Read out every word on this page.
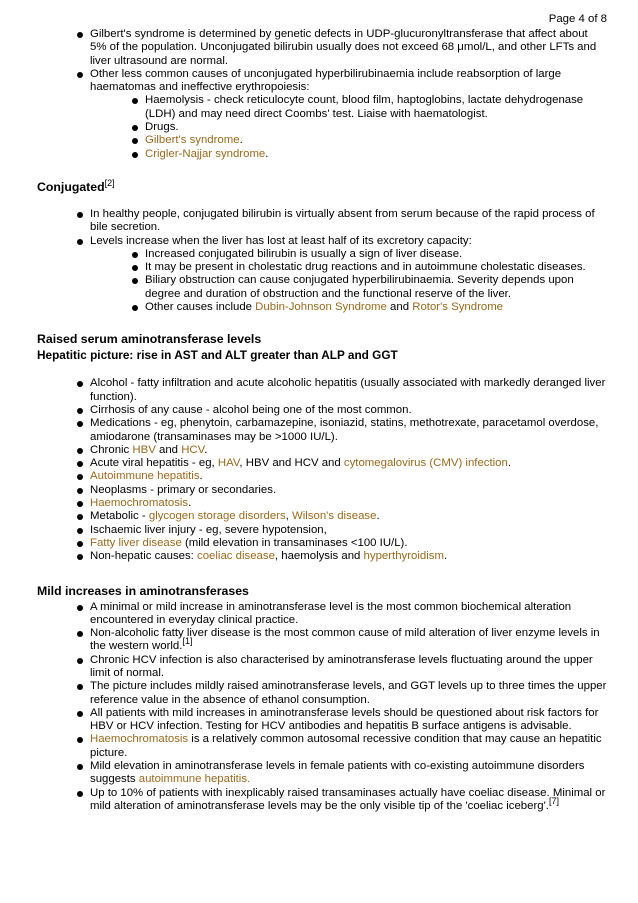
Page 4 of 8
Gilbert's syndrome is determined by genetic defects in UDP-glucuronyltransferase that affect about 5% of the population. Unconjugated bilirubin usually does not exceed 68 μmol/L, and other LFTs and liver ultrasound are normal.
Other less common causes of unconjugated hyperbilirubinaemia include reabsorption of large haematomas and ineffective erythropoiesis:
Haemolysis - check reticulocyte count, blood film, haptoglobins, lactate dehydrogenase (LDH) and may need direct Coombs' test. Liaise with haematologist.
Drugs.
Gilbert's syndrome.
Crigler-Najjar syndrome.
Conjugated[2]
In healthy people, conjugated bilirubin is virtually absent from serum because of the rapid process of bile secretion.
Levels increase when the liver has lost at least half of its excretory capacity:
Increased conjugated bilirubin is usually a sign of liver disease.
It may be present in cholestatic drug reactions and in autoimmune cholestatic diseases.
Biliary obstruction can cause conjugated hyperbilirubinaemia. Severity depends upon degree and duration of obstruction and the functional reserve of the liver.
Other causes include Dubin-Johnson Syndrome and Rotor's Syndrome
Raised serum aminotransferase levels
Hepatitic picture: rise in AST and ALT greater than ALP and GGT
Alcohol - fatty infiltration and acute alcoholic hepatitis (usually associated with markedly deranged liver function).
Cirrhosis of any cause - alcohol being one of the most common.
Medications - eg, phenytoin, carbamazepine, isoniazid, statins, methotrexate, paracetamol overdose, amiodarone (transaminases may be >1000 IU/L).
Chronic HBV and HCV.
Acute viral hepatitis - eg, HAV, HBV and HCV and cytomegalovirus (CMV) infection.
Autoimmune hepatitis.
Neoplasms - primary or secondaries.
Haemochromatosis.
Metabolic - glycogen storage disorders, Wilson's disease.
Ischaemic liver injury - eg, severe hypotension,
Fatty liver disease (mild elevation in transaminases <100 IU/L).
Non-hepatic causes: coeliac disease, haemolysis and hyperthyroidism.
Mild increases in aminotransferases
A minimal or mild increase in aminotransferase level is the most common biochemical alteration encountered in everyday clinical practice.
Non-alcoholic fatty liver disease is the most common cause of mild alteration of liver enzyme levels in the western world.[1]
Chronic HCV infection is also characterised by aminotransferase levels fluctuating around the upper limit of normal.
The picture includes mildly raised aminotransferase levels, and GGT levels up to three times the upper reference value in the absence of ethanol consumption.
All patients with mild increases in aminotransferase levels should be questioned about risk factors for HBV or HCV infection. Testing for HCV antibodies and hepatitis B surface antigens is advisable.
Haemochromatosis is a relatively common autosomal recessive condition that may cause an hepatitic picture.
Mild elevation in aminotransferase levels in female patients with co-existing autoimmune disorders suggests autoimmune hepatitis.
Up to 10% of patients with inexplicably raised transaminases actually have coeliac disease. Minimal or mild alteration of aminotransferase levels may be the only visible tip of the 'coeliac iceberg'.[7]
